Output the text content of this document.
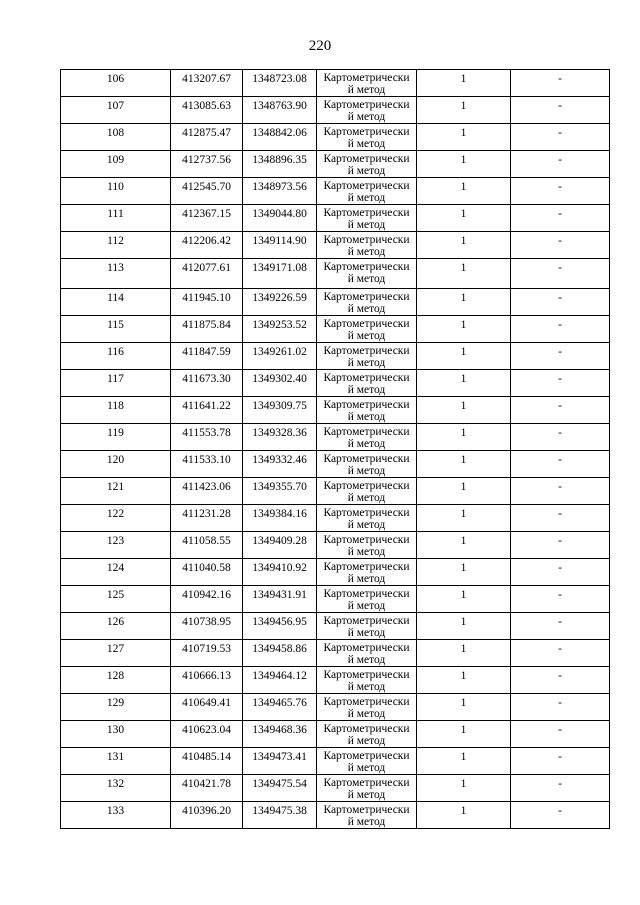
220
106	413207.67	1348723.08	Картометрически
й метод	1	-
107	413085.63	1348763.90	Картометрически
й метод	1	-
108	412875.47	1348842.06	Картометрически
й метод	1	-
109	412737.56	1348896.35	Картометрически
й метод	1	-
110	412545.70	1348973.56	Картометрически
й метод	1	-
111	412367.15	1349044.80	Картометрически
й метод	1	-
112	412206.42	1349114.90	Картометрически
й метод	1	-
113	412077.61	1349171.08	Картометрически
й метод	1	-
114	411945.10	1349226.59	Картометрически
й метод	1	-
115	411875.84	1349253.52	Картометрически
й метод	1	-
116	411847.59	1349261.02	Картометрически
й метод	1	-
117	411673.30	1349302.40	Картометрически
й метод	1	-
118	411641.22	1349309.75	Картометрически
й метод	1	-
119	411553.78	1349328.36	Картометрически
й метод	1	-
120	411533.10	1349332.46	Картометрически
й метод	1	-
121	411423.06	1349355.70	Картометрически
й метод	1	-
122	411231.28	1349384.16	Картометрически
й метод	1	-
123	411058.55	1349409.28	Картометрически
й метод	1	-
124	411040.58	1349410.92	Картометрически
й метод	1	-
125	410942.16	1349431.91	Картометрически
й метод	1	-
126	410738.95	1349456.95	Картометрически
й метод	1	-
127	410719.53	1349458.86	Картометрически
й метод	1	-
128	410666.13	1349464.12	Картометрически
й метод	1	-
129	410649.41	1349465.76	Картометрически
й метод	1	-
130	410623.04	1349468.36	Картометрически
й метод	1	-
131	410485.14	1349473.41	Картометрически
й метод	1	-
132	410421.78	1349475.54	Картометрически
й метод	1	-
133	410396.20	1349475.38	Картометрически
й метод	1	-
